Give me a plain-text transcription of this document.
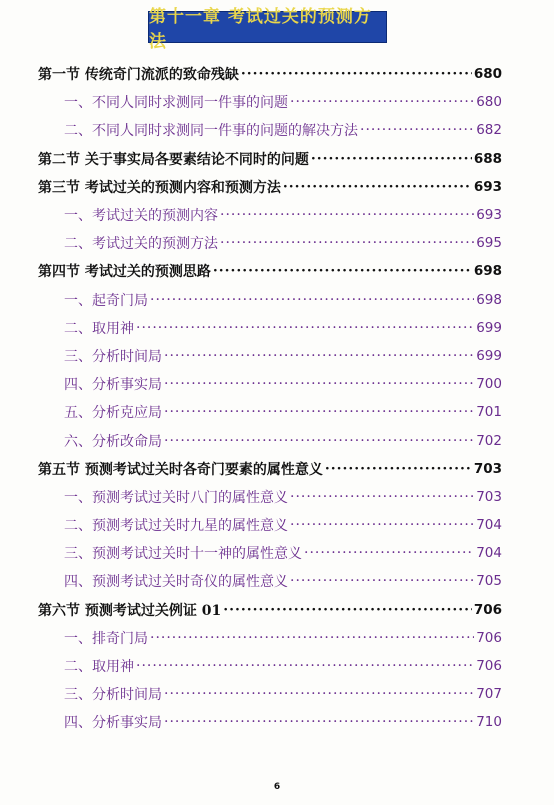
第十一章 考试过关的预测方法
第一节 传统奇门流派的致命残缺 ·····	680
一、不同人同时求测同一件事的问题 ·····	680
二、不同人同时求测同一件事的问题的解决方法 ·····	682
第二节 关于事实局各要素结论不同时的问题 ·····	688
第三节 考试过关的预测内容和预测方法 ·····	693
一、考试过关的预测内容 ·····	693
二、考试过关的预测方法 ·····	695
第四节 考试过关的预测思路 ·····	698
一、起奇门局 ·····	698
二、取用神 ·····	699
三、分析时间局 ·····	699
四、分析事实局 ·····	700
五、分析克应局 ·····	701
六、分析改命局 ·····	702
第五节 预测考试过关时各奇门要素的属性意义 ·····	703
一、预测考试过关时八门的属性意义 ·····	703
二、预测考试过关时九星的属性意义 ·····	704
三、预测考试过关时十一神的属性意义 ·····	704
四、预测考试过关时奇仪的属性意义 ·····	705
第六节 预测考试过关例证 01 ·····	706
一、排奇门局 ·····	706
二、取用神 ·····	706
三、分析时间局 ·····	707
四、分析事实局 ·····	710
6
